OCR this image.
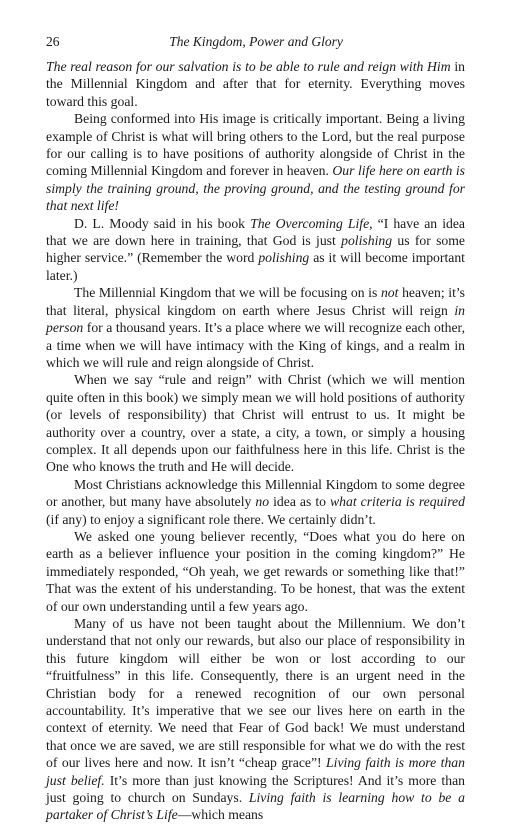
26	The Kingdom, Power and Glory

The real reason for our salvation is to be able to rule and reign with Him in the Millennial Kingdom and after that for eternity. Everything moves toward this goal.

Being conformed into His image is critically important. Being a living example of Christ is what will bring others to the Lord, but the real purpose for our calling is to have positions of authority alongside of Christ in the coming Millennial Kingdom and forever in heaven. Our life here on earth is simply the training ground, the proving ground, and the testing ground for that next life!

D. L. Moody said in his book The Overcoming Life, “I have an idea that we are down here in training, that God is just polishing us for some higher service.” (Remember the word polishing as it will become important later.)

The Millennial Kingdom that we will be focusing on is not heaven; it’s that literal, physical kingdom on earth where Jesus Christ will reign in person for a thousand years. It’s a place where we will recognize each other, a time when we will have intimacy with the King of kings, and a realm in which we will rule and reign alongside of Christ.

When we say “rule and reign” with Christ (which we will mention quite often in this book) we simply mean we will hold positions of authority (or levels of responsibility) that Christ will entrust to us. It might be authority over a country, over a state, a city, a town, or simply a housing complex. It all depends upon our faithfulness here in this life. Christ is the One who knows the truth and He will decide.

Most Christians acknowledge this Millennial Kingdom to some degree or another, but many have absolutely no idea as to what criteria is required (if any) to enjoy a significant role there. We certainly didn’t.

We asked one young believer recently, “Does what you do here on earth as a believer influence your position in the coming kingdom?” He immediately responded, “Oh yeah, we get rewards or something like that!” That was the extent of his understanding. To be honest, that was the extent of our own understanding until a few years ago.

Many of us have not been taught about the Millennium. We don’t understand that not only our rewards, but also our place of responsibility in this future kingdom will either be won or lost according to our “fruitfulness” in this life. Consequently, there is an urgent need in the Christian body for a renewed recognition of our own personal accountability. It’s imperative that we see our lives here on earth in the context of eternity. We need that Fear of God back! We must understand that once we are saved, we are still responsible for what we do with the rest of our lives here and now. It isn’t “cheap grace”! Living faith is more than just belief. It’s more than just knowing the Scriptures! And it’s more than just going to church on Sundays. Living faith is learning how to be a partaker of Christ’s Life—which means
